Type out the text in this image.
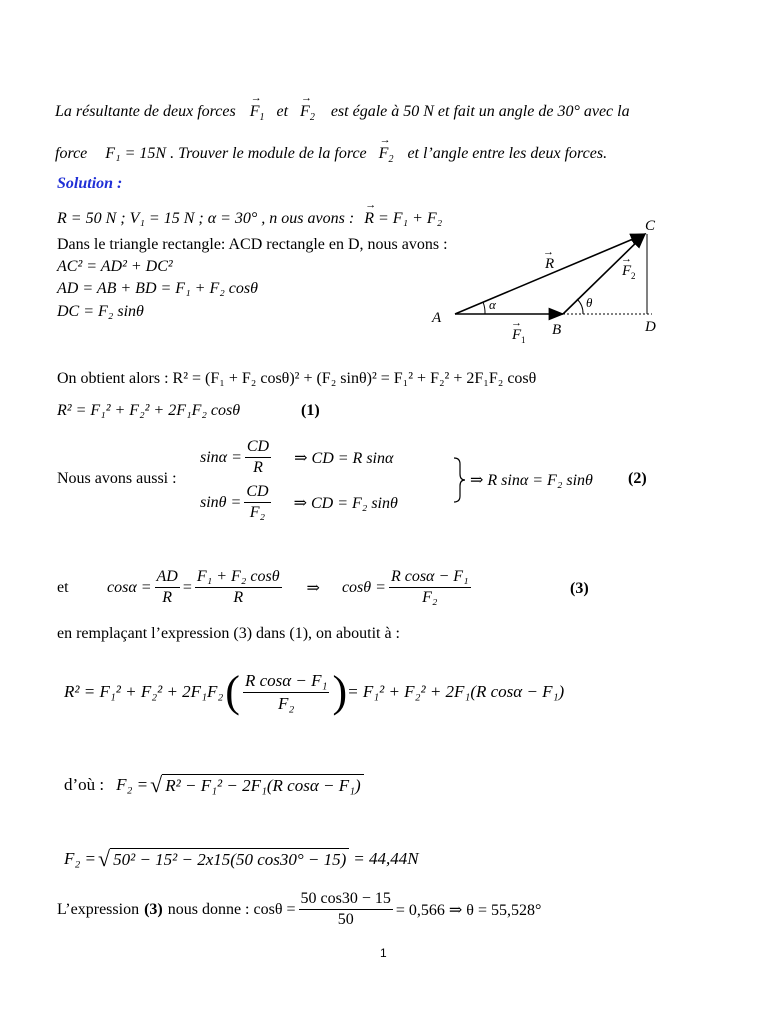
La résultante de deux forces → $F_1$ et → $F_2$ est égale à 50 N et fait un angle de 30° avec la
force F₁ = 15N . Trouver le module de la force → $F_2$ et l’angle entre les deux forces.
Solution :
R = 50 N ; V₁ = 15 N ; α = 30° , n ous avons : → R = F₁ + F₂
Dans le triangle rectangle: ACD rectangle en D, nous avons :
AC² = AD² + DC²
AD = AB + BD = F₁ + F₂ cosθ
DC = F₂ sinθ	A
B
C
D
α	θ
R
→
F 1
→
F 2
→
On obtient alors : R² = (F₁ + F₂ cosθ)² + (F₂ sinθ)² = F₁² + F₂² + 2F₁F₂ cosθ
R² = F₁² + F₂² + 2F₁F₂ cosθ	(1)
Nous avons aussi :
$\sin\alpha = \frac{CD}{R}$ ⇒ CD = R sinα
$\sin\theta = \frac{CD}{\text{F₂}}$ ⇒ CD = F₂ sinθ
⇒ R sinα = F₂ sinθ (2)
et	$\cos\alpha = \frac{AD}{R} = \frac{\text{F₁ + F₂ cosθ}}{R}$ ⇒ $\cos\theta = \frac{\text{R cosα − F₁}}{\text{F₂}}$	(3)
en remplaçant l’expression (3) dans (1), on aboutit à :
R² = F₁² + F₂² + 2F₁F₂ ( $\frac{\text{R cosα − F₁}}{\text{F₂}}$ ) = F₁² + F₂² + 2F₁(R cosα − F₁)
d’où : F₂ = √ R² − F₁² − 2F₁(R cosα − F₁)
F₂ = √ 50² − 15² − 2x15(50 cos30° − 15) = 44,44N
L’expression (3) nous donne : $\cos\theta = \frac{50 \cos 30 - 15}{50} = 0,566$ ⇒ θ = 55,528°
1
